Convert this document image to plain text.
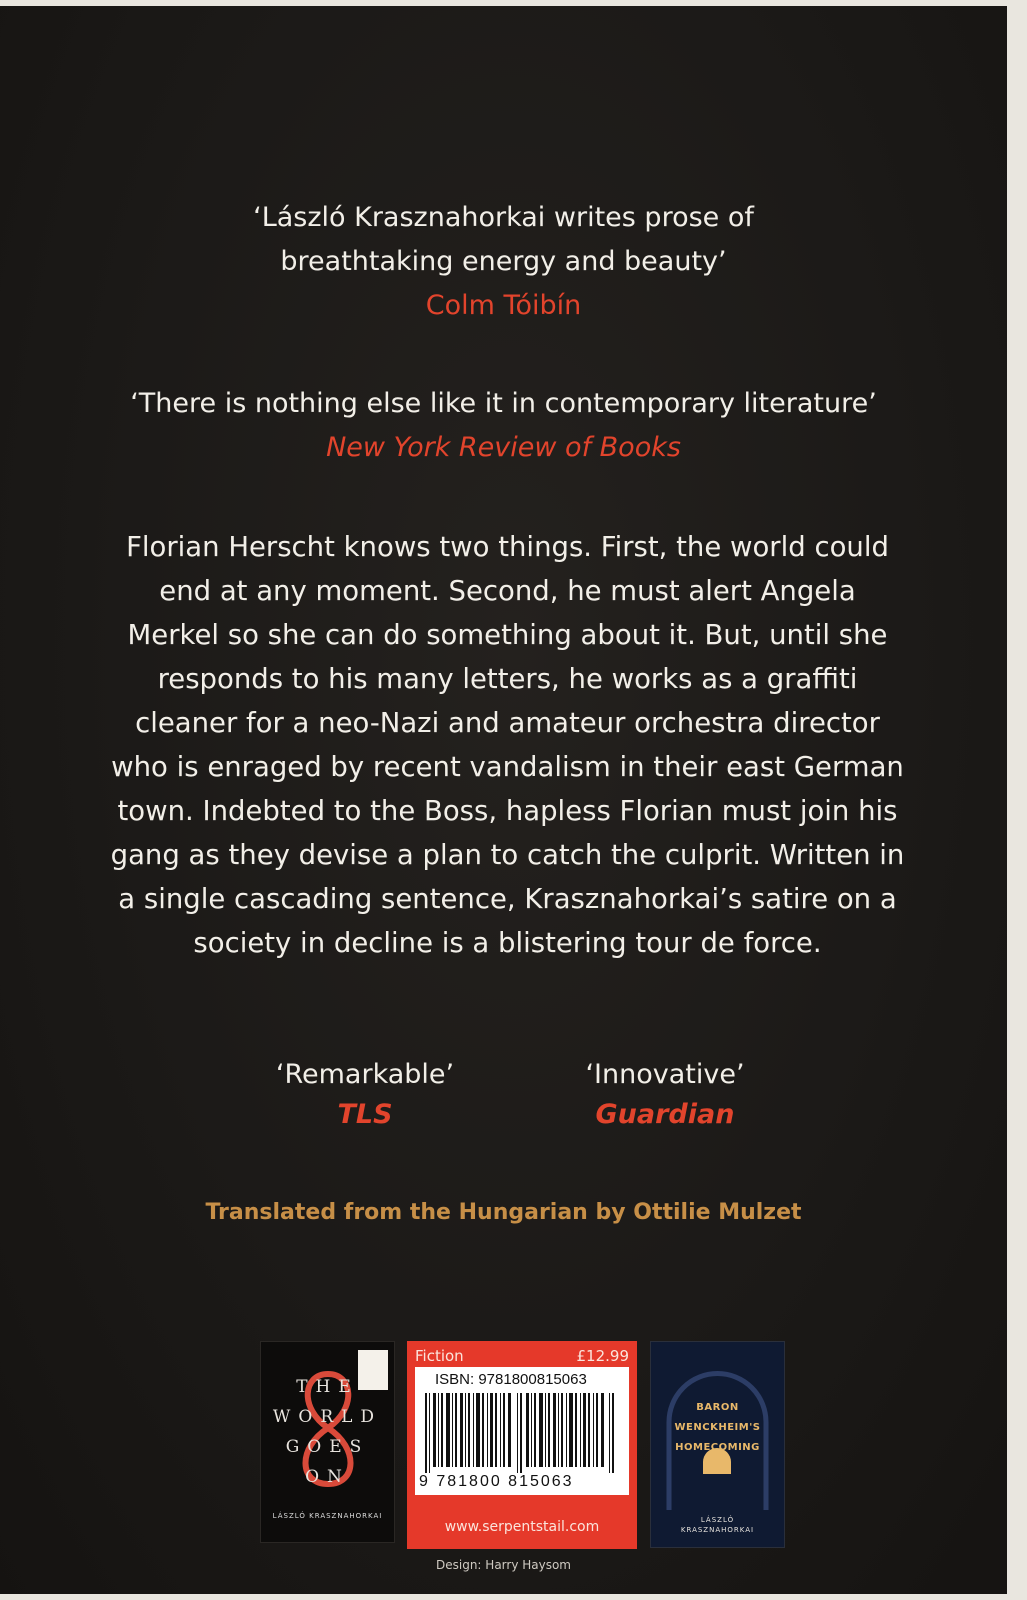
‘László Krasznahorkai writes prose of
breathtaking energy and beauty’
Colm Tóibín
‘There is nothing else like it in contemporary literature’
New York Review of Books
Florian Herscht knows two things. First, the world could end at any moment. Second, he must alert Angela Merkel so she can do something about it. But, until she responds to his many letters, he works as a graffiti cleaner for a neo-Nazi and amateur orchestra director who is enraged by recent vandalism in their east German town. Indebted to the Boss, hapless Florian must join his gang as they devise a plan to catch the culprit. Written in a single cascading sentence, Krasznahorkai’s satire on a society in decline is a blistering tour de force.
‘Remarkable’
TLS
‘Innovative’
Guardian
Translated from the Hungarian by Ottilie Mulzet
THE
WORLD
GOES
ON
LÁSZLÓ KRASZNAHORKAI
Fiction	£12.99
ISBN: 9781800815063
9 781800 815063
www.serpentstail.com
BARON
WENCKHEIM'S
HOMECOMING
LÁSZLÓ
KRASZNAHORKAI
Design: Harry Haysom
